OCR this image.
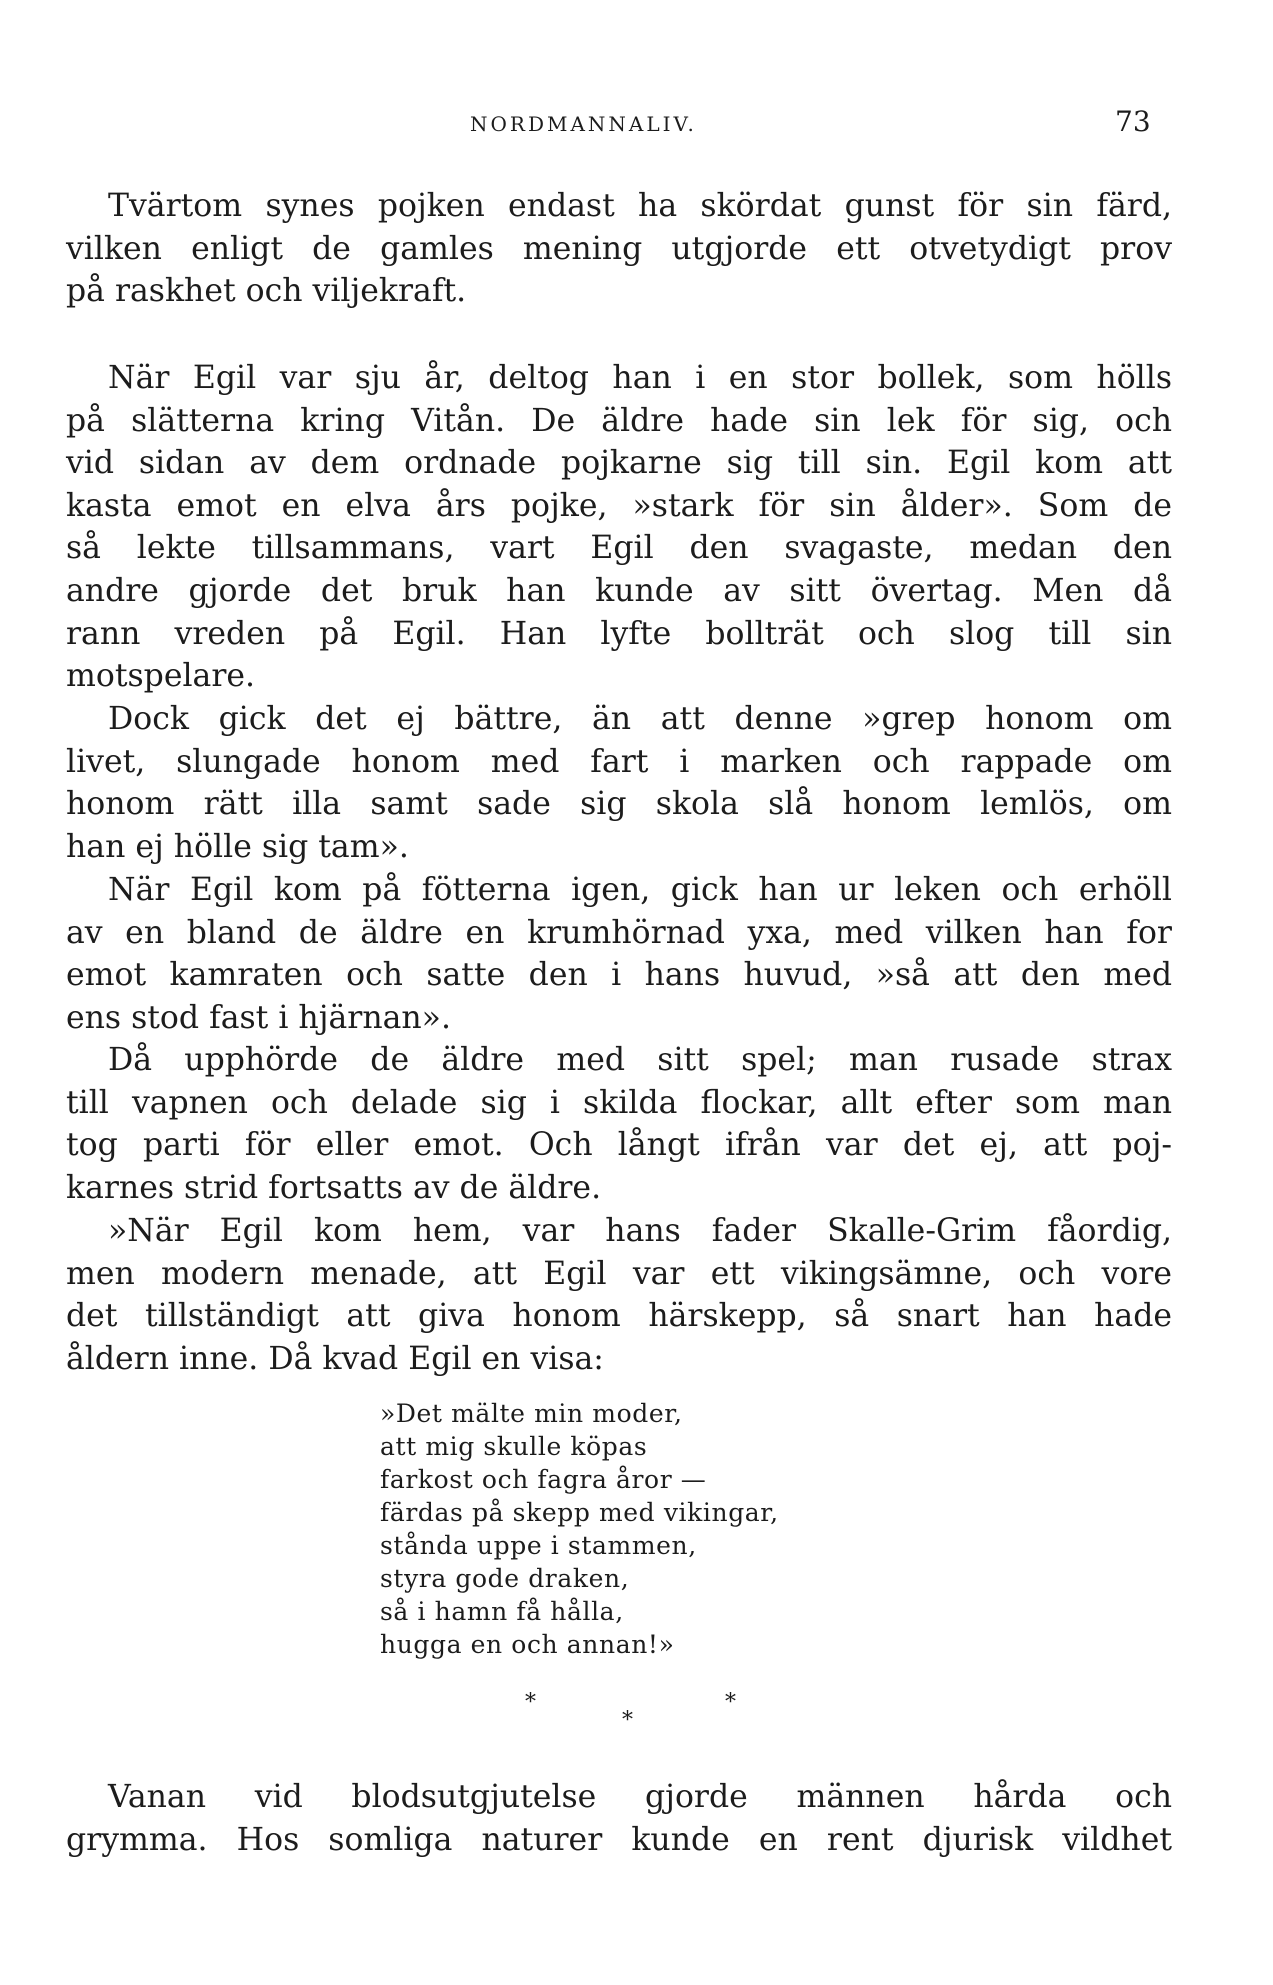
NORDMANNALIV.	73

Tvärtom synes pojken endast ha skördat gunst för sin färd,
vilken enligt de gamles mening utgjorde ett otvetydigt prov
på raskhet och viljekraft.

När Egil var sju år, deltog han i en stor bollek, som hölls
på slätterna kring Vitån. De äldre hade sin lek för sig, och
vid sidan av dem ordnade pojkarne sig till sin. Egil kom att
kasta emot en elva års pojke, »stark för sin ålder». Som de
så lekte tillsammans, vart Egil den svagaste, medan den
andre gjorde det bruk han kunde av sitt övertag. Men då
rann vreden på Egil. Han lyfte bollträt och slog till sin
motspelare.

Dock gick det ej bättre, än att denne »grep honom om
livet, slungade honom med fart i marken och rappade om
honom rätt illa samt sade sig skola slå honom lemlös, om
han ej hölle sig tam».

När Egil kom på fötterna igen, gick han ur leken och erhöll
av en bland de äldre en krumhörnad yxa, med vilken han for
emot kamraten och satte den i hans huvud, »så att den med
ens stod fast i hjärnan».

Då upphörde de äldre med sitt spel; man rusade strax
till vapnen och delade sig i skilda flockar, allt efter som man
tog parti för eller emot. Och långt ifrån var det ej, att poj-
karnes strid fortsatts av de äldre.

»När Egil kom hem, var hans fader Skalle-Grim fåordig,
men modern menade, att Egil var ett vikingsämne, och vore
det tillständigt att giva honom härskepp, så snart han hade
åldern inne. Då kvad Egil en visa:

»Det mälte min moder,
att mig skulle köpas
farkost och fagra åror —
färdas på skepp med vikingar,
stånda uppe i stammen,
styra gode draken,
så i hamn få hålla,
hugga en och annan!»
*
*
*

Vanan vid blodsutgjutelse gjorde männen hårda och
grymma. Hos somliga naturer kunde en rent djurisk vildhet
